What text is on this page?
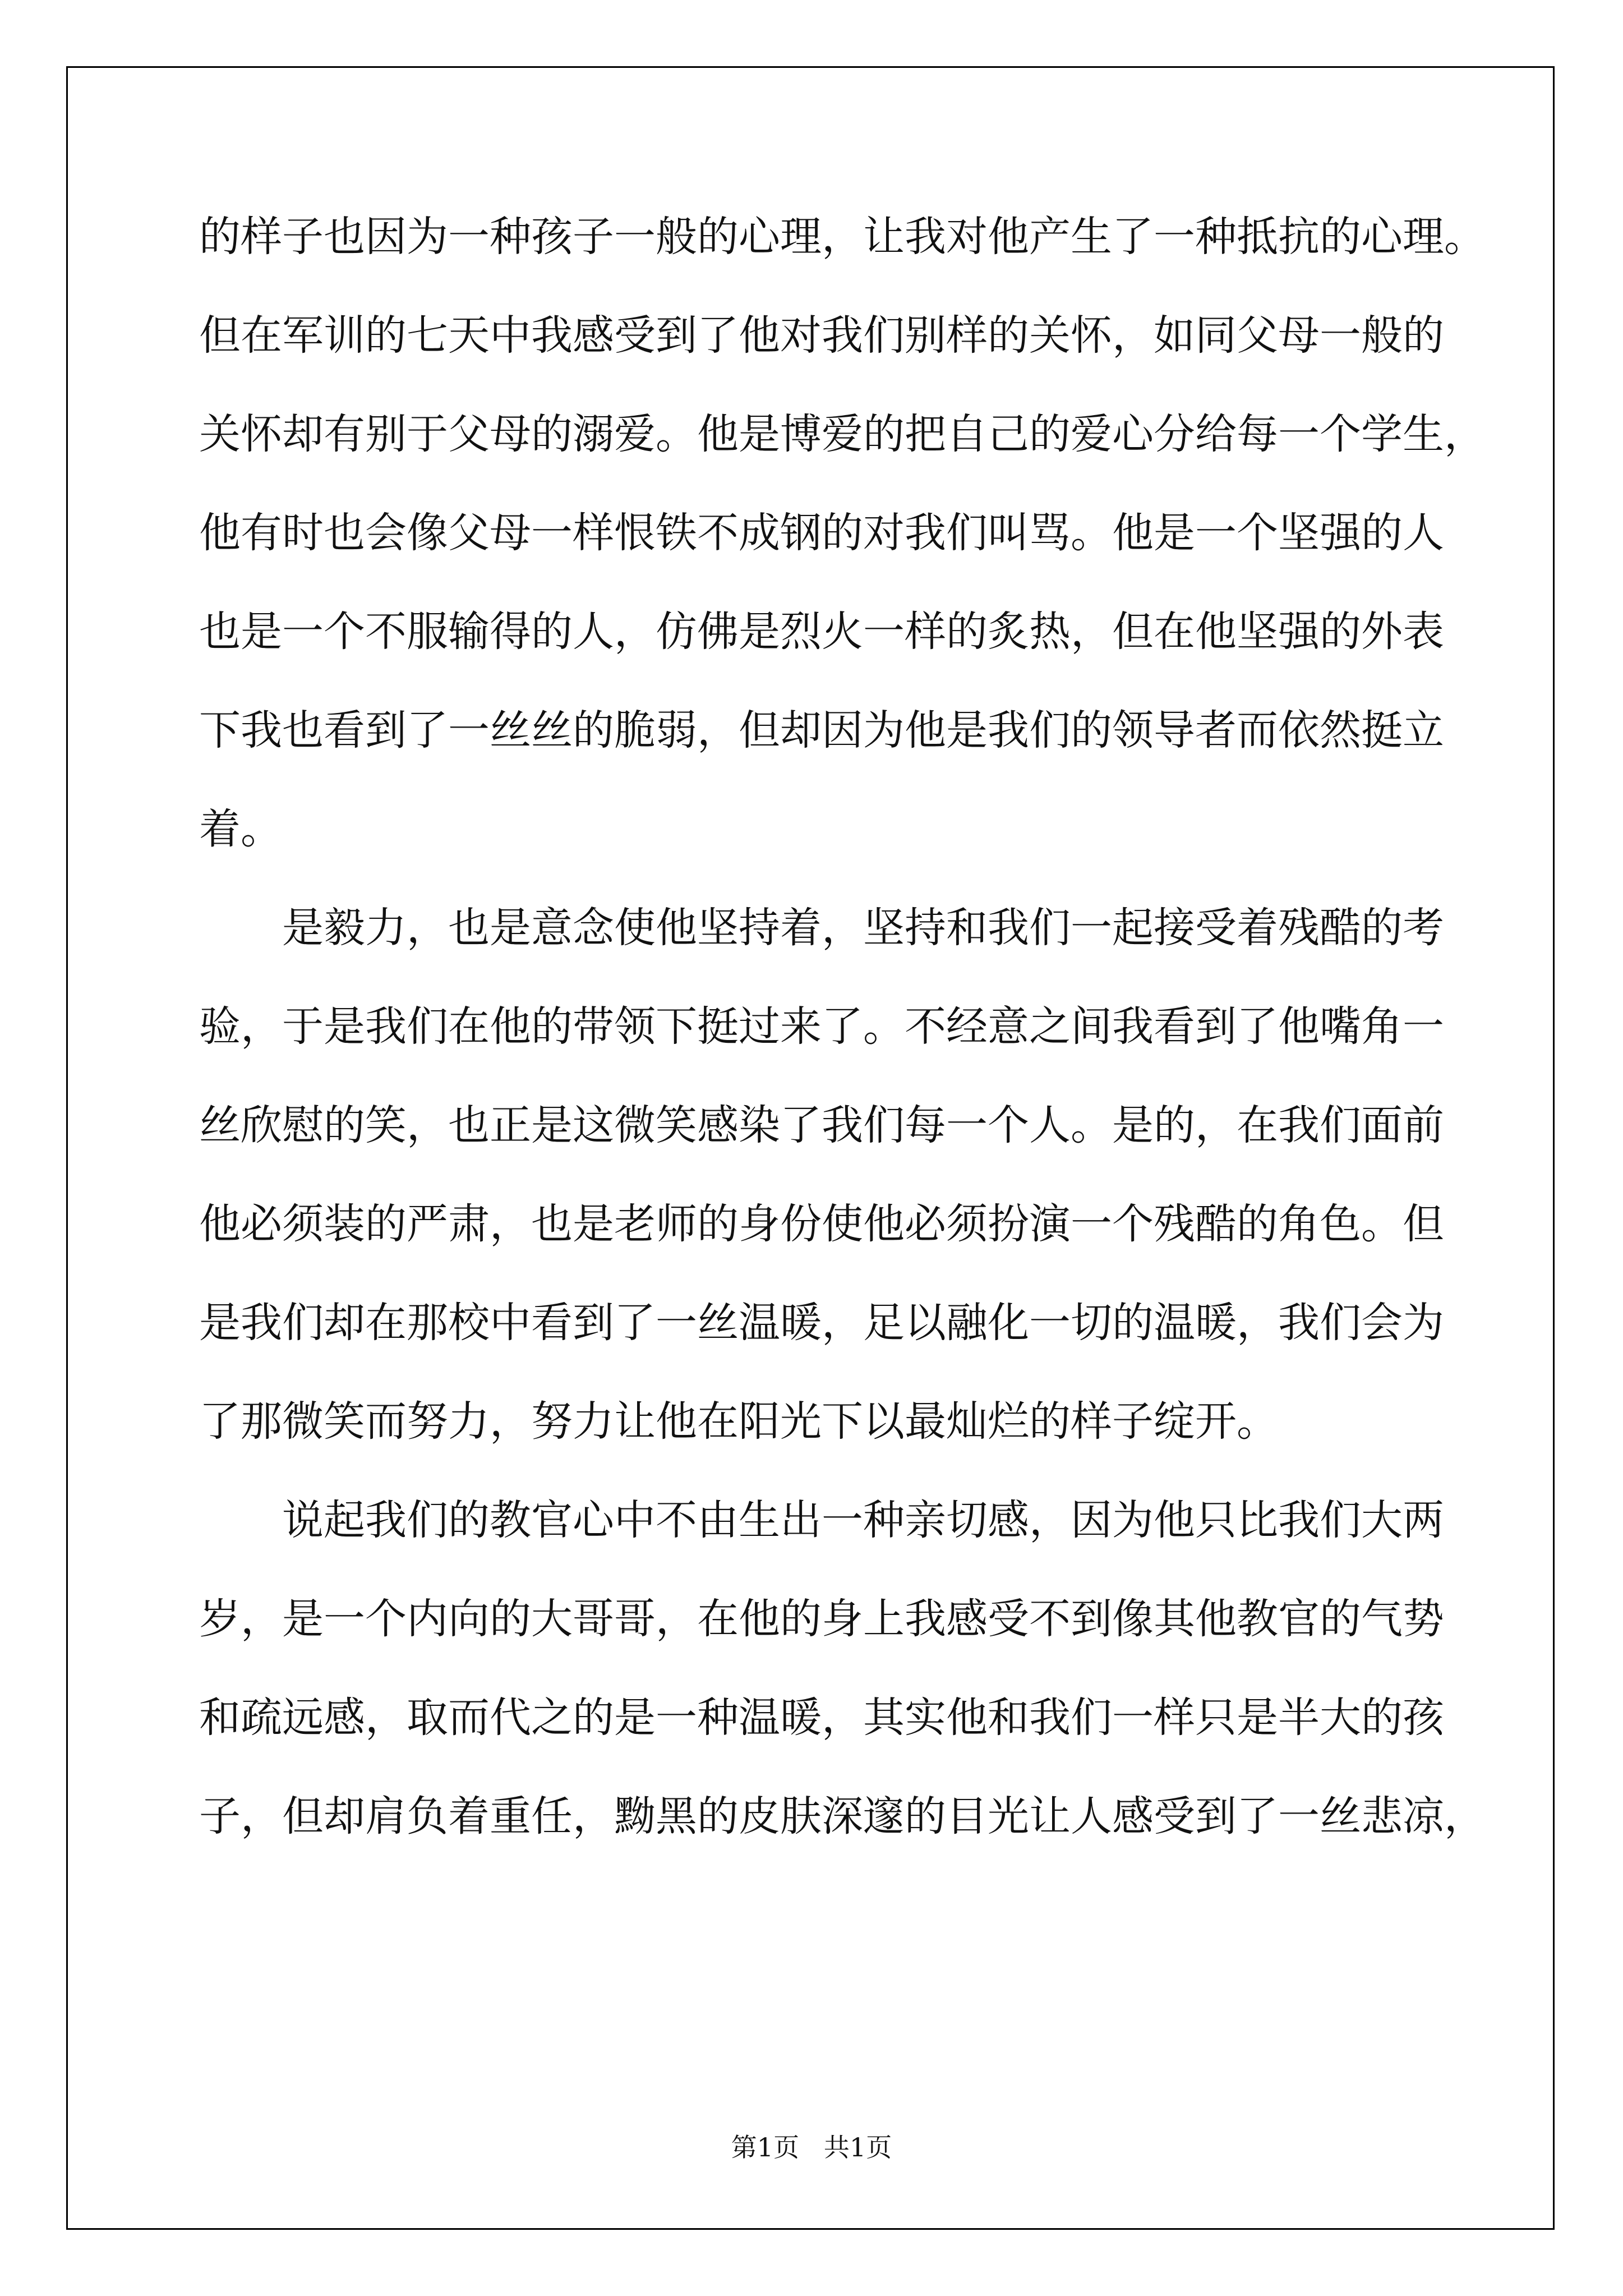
的样子也因为一种孩子一般的心理，让我对他产生了一种抵抗的心理。
但在军训的七天中我感受到了他对我们别样的关怀，如同父母一般的
关怀却有别于父母的溺爱。他是博爱的把自己的爱心分给每一个学生，
他有时也会像父母一样恨铁不成钢的对我们叫骂。他是一个坚强的人
也是一个不服输得的人，仿佛是烈火一样的炙热，但在他坚强的外表
下我也看到了一丝丝的脆弱，但却因为他是我们的领导者而依然挺立
着。
是毅力，也是意念使他坚持着，坚持和我们一起接受着残酷的考
验，于是我们在他的带领下挺过来了。不经意之间我看到了他嘴角一
丝欣慰的笑，也正是这微笑感染了我们每一个人。是的，在我们面前
他必须装的严肃，也是老师的身份使他必须扮演一个残酷的角色。但
是我们却在那校中看到了一丝温暖，足以融化一切的温暖，我们会为
了那微笑而努力，努力让他在阳光下以最灿烂的样子绽开。
说起我们的教官心中不由生出一种亲切感，因为他只比我们大两
岁，是一个内向的大哥哥，在他的身上我感受不到像其他教官的气势
和疏远感，取而代之的是一种温暖，其实他和我们一样只是半大的孩
子，但却肩负着重任，黝黑的皮肤深邃的目光让人感受到了一丝悲凉，
第1页   共1页
